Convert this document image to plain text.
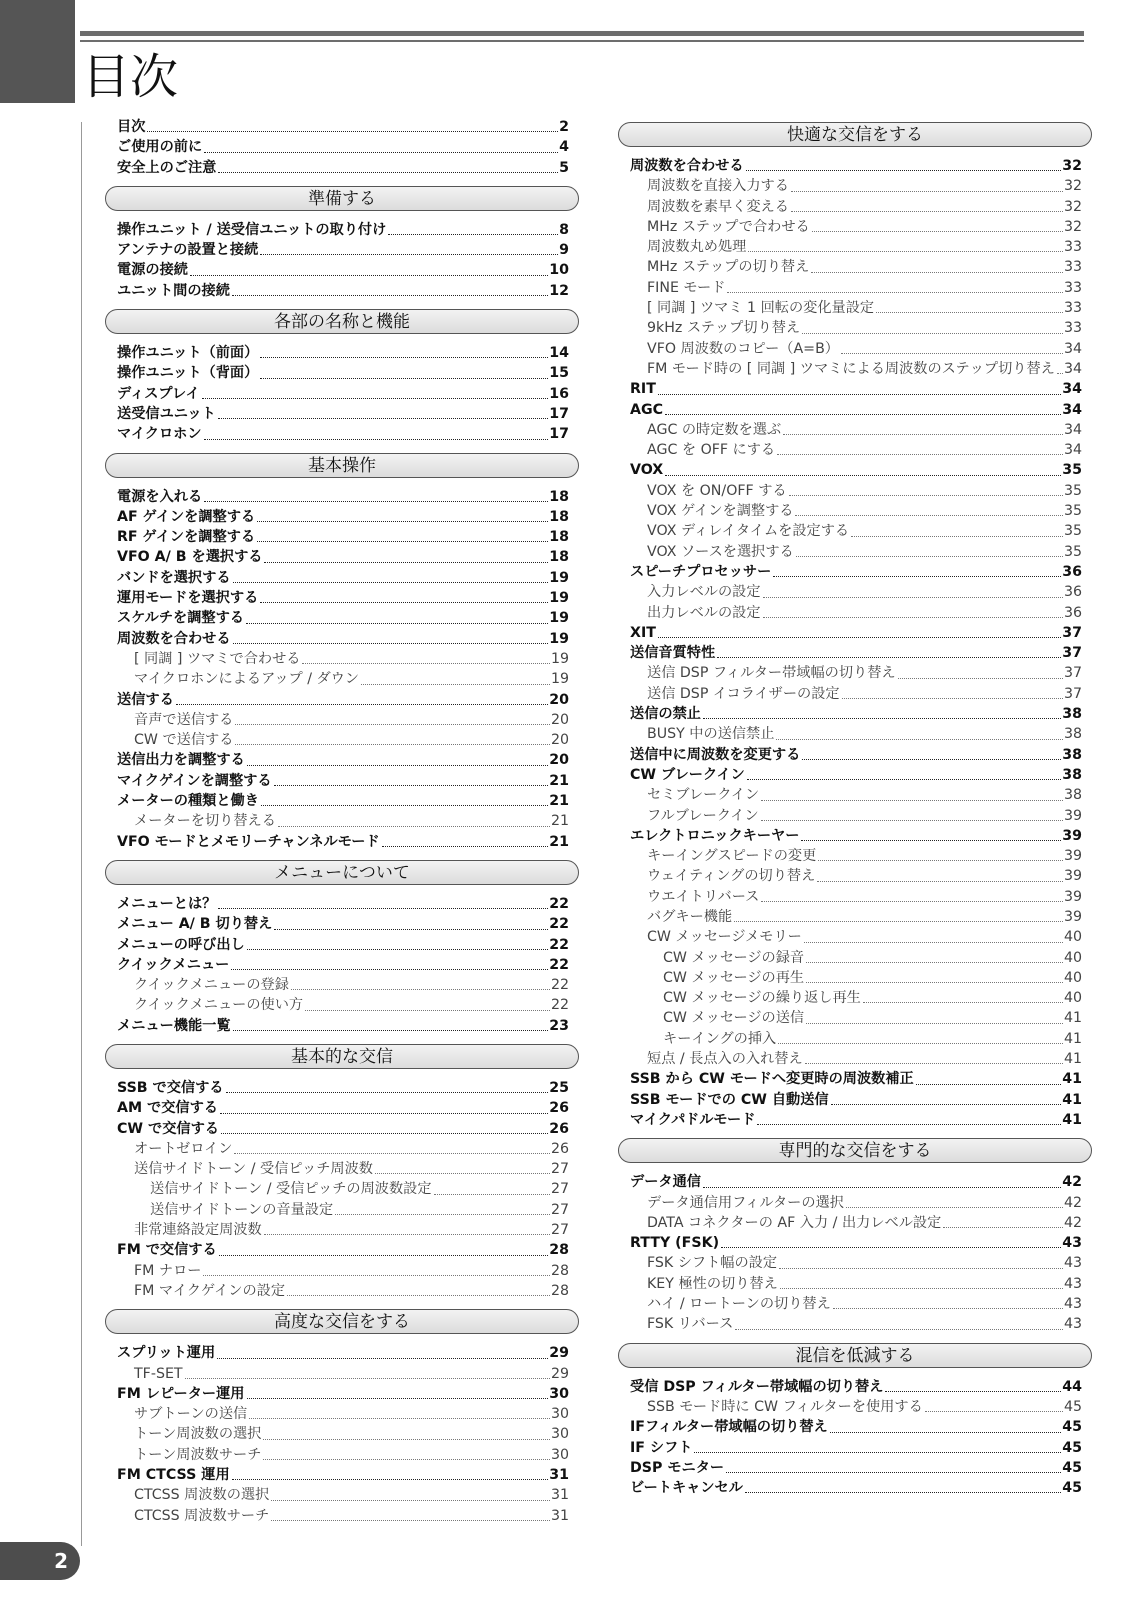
目次
目次	2
ご使用の前に	4
安全上のご注意	5
準備する
操作ユニット / 送受信ユニットの取り付け	8
アンテナの設置と接続	9
電源の接続	10
ユニット間の接続	12
各部の名称と機能
操作ユニット（前面）	14
操作ユニット（背面）	15
ディスプレイ	16
送受信ユニット	17
マイクロホン	17
基本操作
電源を入れる	18
AF ゲインを調整する	18
RF ゲインを調整する	18
VFO A/ B を選択する	18
バンドを選択する	19
運用モードを選択する	19
スケルチを調整する	19
周波数を合わせる	19
[ 同調 ] ツマミで合わせる	19
マイクロホンによるアップ / ダウン	19
送信する	20
音声で送信する	20
CW で送信する	20
送信出力を調整する	20
マイクゲインを調整する	21
メーターの種類と働き	21
メーターを切り替える	21
VFO モードとメモリーチャンネルモード	21
メニューについて
メニューとは？	22
メニュー A/ B 切り替え	22
メニューの呼び出し	22
クイックメニュー	22
クイックメニューの登録	22
クイックメニューの使い方	22
メニュー機能一覧	23
基本的な交信
SSB で交信する	25
AM で交信する	26
CW で交信する	26
オートゼロイン	26
送信サイドトーン / 受信ピッチ周波数	27
送信サイドトーン / 受信ピッチの周波数設定	27
送信サイドトーンの音量設定	27
非常連絡設定周波数	27
FM で交信する	28
FM ナロー	28
FM マイクゲインの設定	28
高度な交信をする
スプリット運用	29
TF-SET	29
FM レピーター運用	30
サブトーンの送信	30
トーン周波数の選択	30
トーン周波数サーチ	30
FM CTCSS 運用	31
CTCSS 周波数の選択	31
CTCSS 周波数サーチ	31
快適な交信をする
周波数を合わせる	32
周波数を直接入力する	32
周波数を素早く変える	32
MHz ステップで合わせる	32
周波数丸め処理	33
MHz ステップの切り替え	33
FINE モード	33
[ 同調 ] ツマミ 1 回転の変化量設定	33
9kHz ステップ切り替え	33
VFO 周波数のコピー（A=B）	34
FM モード時の [ 同調 ] ツマミによる周波数のステップ切り替え 34
RIT	34
AGC	34
AGC の時定数を選ぶ	34
AGC を OFF にする	34
VOX	35
VOX を ON/OFF する	35
VOX ゲインを調整する	35
VOX ディレイタイムを設定する	35
VOX ソースを選択する	35
スピーチプロセッサー	36
入力レベルの設定	36
出力レベルの設定	36
XIT	37
送信音質特性	37
送信 DSP フィルター帯域幅の切り替え	37
送信 DSP イコライザーの設定	37
送信の禁止	38
BUSY 中の送信禁止	38
送信中に周波数を変更する	38
CW ブレークイン	38
セミブレークイン	38
フルブレークイン	39
エレクトロニックキーヤー	39
キーイングスピードの変更	39
ウェイティングの切り替え	39
ウエイトリバース	39
バグキー機能	39
CW メッセージメモリー	40
CW メッセージの録音	40
CW メッセージの再生	40
CW メッセージの繰り返し再生	40
CW メッセージの送信	41
キーイングの挿入	41
短点 / 長点入の入れ替え	41
SSB から CW モードへ変更時の周波数補正	41
SSB モードでの CW 自動送信	41
マイクパドルモード	41
専門的な交信をする
データ通信	42
データ通信用フィルターの選択	42
DATA コネクターの AF 入力 / 出力レベル設定	42
RTTY (FSK)	43
FSK シフト幅の設定	43
KEY 極性の切り替え	43
ハイ / ロートーンの切り替え	43
FSK リバース	43
混信を低減する
受信 DSP フィルター帯域幅の切り替え	44
SSB モード時に CW フィルターを使用する	45
IFフィルター帯域幅の切り替え	45
IF シフト	45
DSP モニター	45
ビートキャンセル	45
2
